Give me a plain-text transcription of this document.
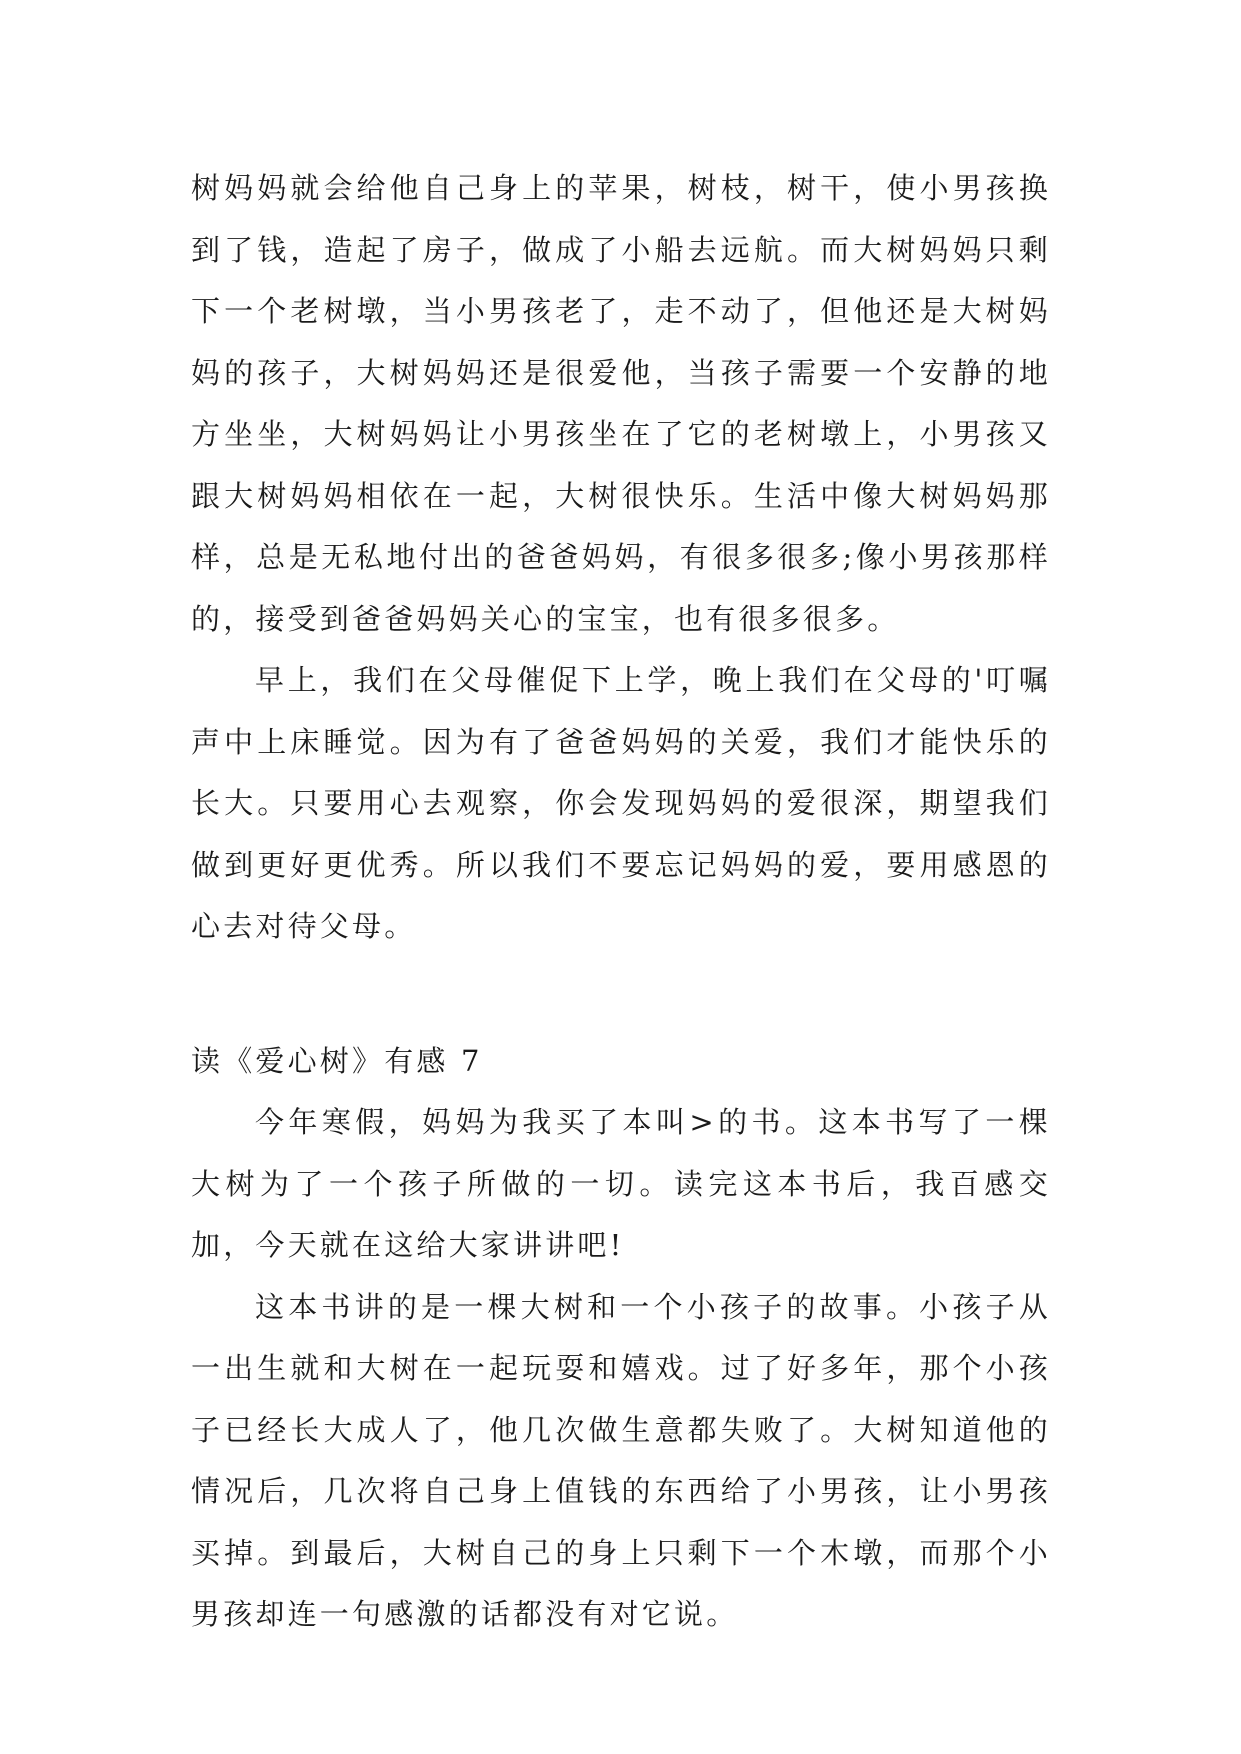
树妈妈就会给他自己身上的苹果，树枝，树干，使小男孩换到了钱，造起了房子，做成了小船去远航。而大树妈妈只剩下一个老树墩，当小男孩老了，走不动了，但他还是大树妈妈的孩子，大树妈妈还是很爱他，当孩子需要一个安静的地方坐坐，大树妈妈让小男孩坐在了它的老树墩上，小男孩又跟大树妈妈相依在一起，大树很快乐。生活中像大树妈妈那样，总是无私地付出的爸爸妈妈，有很多很多;像小男孩那样的，接受到爸爸妈妈关心的宝宝，也有很多很多。

早上，我们在父母催促下上学，晚上我们在父母的'叮嘱声中上床睡觉。因为有了爸爸妈妈的关爱，我们才能快乐的长大。只要用心去观察，你会发现妈妈的爱很深，期望我们做到更好更优秀。所以我们不要忘记妈妈的爱，要用感恩的心去对待父母。

读《爱心树》有感 7

今年寒假，妈妈为我买了本叫>的书。这本书写了一棵大树为了一个孩子所做的一切。读完这本书后，我百感交加，今天就在这给大家讲讲吧!

这本书讲的是一棵大树和一个小孩子的故事。小孩子从一出生就和大树在一起玩耍和嬉戏。过了好多年，那个小孩子已经长大成人了，他几次做生意都失败了。大树知道他的情况后，几次将自己身上值钱的东西给了小男孩，让小男孩买掉。到最后，大树自己的身上只剩下一个木墩，而那个小男孩却连一句感激的话都没有对它说。
